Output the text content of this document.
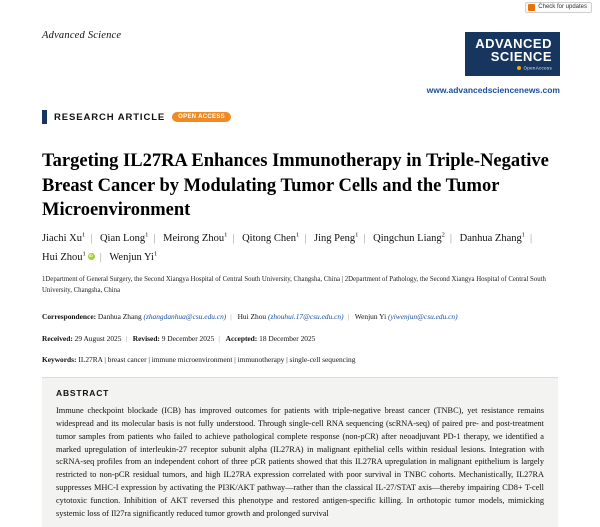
Check for updates
Advanced Science
ADVANCED
SCIENCE
OpenAccess
www.advancedsciencenews.com
RESEARCH ARTICLE	OPEN ACCESS
Targeting IL27RA Enhances Immunotherapy in Triple-Negative Breast Cancer by Modulating Tumor Cells and the Tumor Microenvironment
Jiachi Xu$^1$ | Qian Long$^1$ | Meirong Zhou$^1$ | Qitong Chen$^1$ | Jing Peng$^1$ | Qingchun Liang$^2$ | Danhua Zhang$^1$ |
Hui Zhou$^1$ iD | Wenjun Yi$^1$
1Department of General Surgery, the Second Xiangya Hospital of Central South University, Changsha, China | 2Department of Pathology, the Second Xiangya Hospital of Central South University, Changsha, China
Correspondence: Danhua Zhang (zhangdanhua@csu.edu.cn) | Hui Zhou (zhouhui.17@csu.edu.cn) | Wenjun Yi (yiwenjun@csu.edu.cn)
Received: 29 August 2025 | Revised: 9 December 2025 | Accepted: 18 December 2025
Keywords: IL27RA | breast cancer | immune microenvironment | immunotherapy | single-cell sequencing
ABSTRACT
Immune checkpoint blockade (ICB) has improved outcomes for patients with triple-negative breast cancer (TNBC), yet resistance remains widespread and its molecular basis is not fully understood. Through single-cell RNA sequencing (scRNA-seq) of paired pre- and post-treatment tumor samples from patients who failed to achieve pathological complete response (non-pCR) after neoadjuvant PD-1 therapy, we identified a marked upregulation of interleukin-27 receptor subunit alpha (IL27RA) in malignant epithelial cells within residual lesions. Integration with scRNA-seq profiles from an independent cohort of three pCR patients showed that this IL27RA upregulation in malignant epithelium is largely restricted to non-pCR residual tumors, and high IL27RA expression correlated with poor survival in TNBC cohorts. Mechanistically, IL27RA suppresses MHC-I expression by activating the PI3K/AKT pathway—rather than the classical IL-27/STAT axis—thereby impairing CD8+ T-cell cytotoxic function. Inhibition of AKT reversed this phenotype and restored antigen-specific killing. In orthotopic tumor models, mimicking systemic loss of Il27ra significantly reduced tumor growth and prolonged survival
